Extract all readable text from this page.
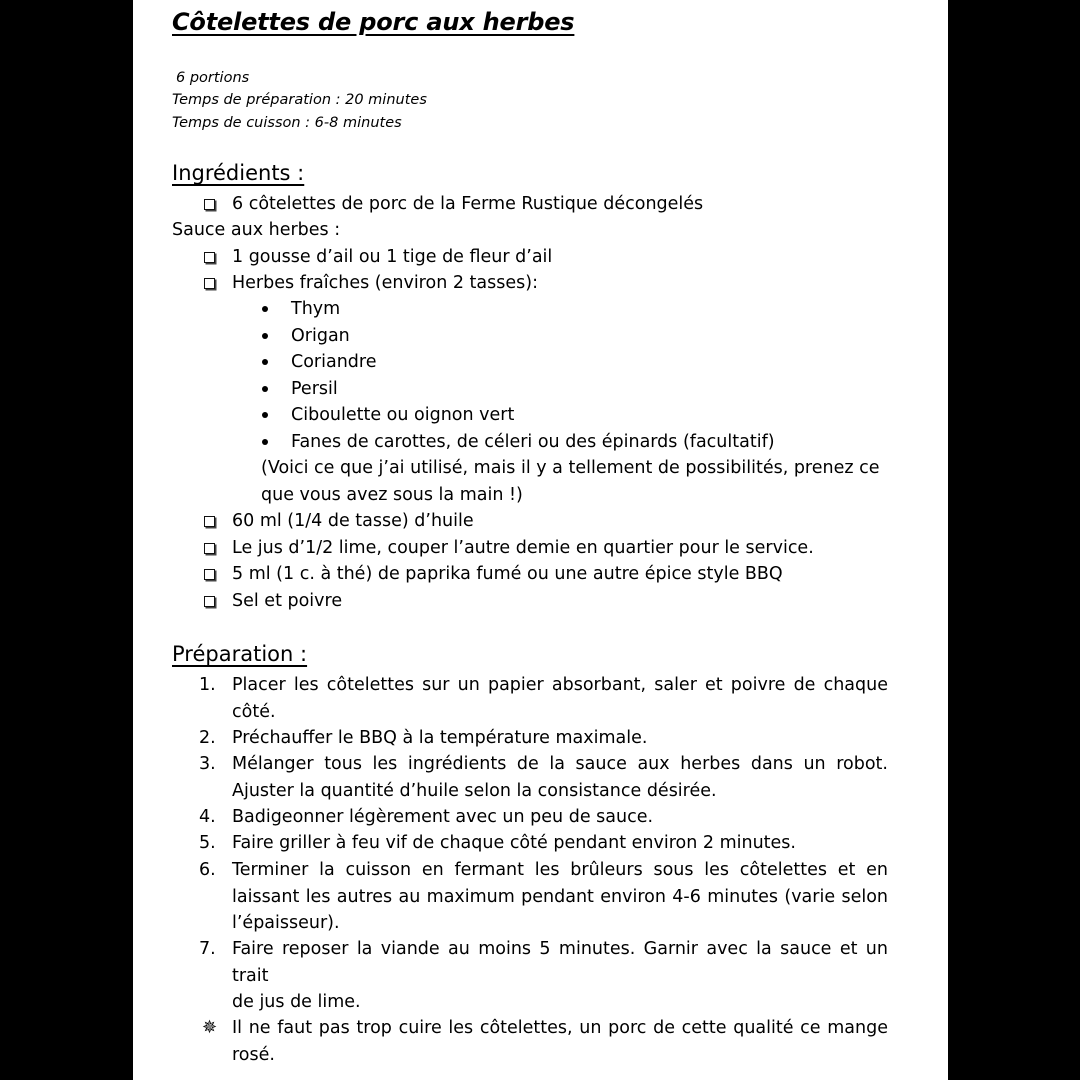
Côtelettes de porc aux herbes
6 portions
Temps de préparation : 20 minutes
Temps de cuisson : 6-8 minutes
Ingrédients :
6 côtelettes de porc de la Ferme Rustique décongelés
Sauce aux herbes :
1 gousse d’ail ou 1 tige de fleur d’ail
Herbes fraîches (environ 2 tasses):
Thym
Origan
Coriandre
Persil
Ciboulette ou oignon vert
Fanes de carottes, de céleri ou des épinards (facultatif)
(Voici ce que j’ai utilisé, mais il y a tellement de possibilités, prenez ce
que vous avez sous la main !)
60 ml (1/4 de tasse) d’huile
Le jus d’1/2 lime, couper l’autre demie en quartier pour le service.
5 ml (1 c. à thé) de paprika fumé ou une autre épice style BBQ
Sel et poivre
Préparation :
1. Placer les côtelettes sur un papier absorbant, saler et poivre de chaque
côté.
2. Préchauffer le BBQ à la température maximale.
3. Mélanger tous les ingrédients de la sauce aux herbes dans un robot.
Ajuster la quantité d’huile selon la consistance désirée.
4. Badigeonner légèrement avec un peu de sauce.
5. Faire griller à feu vif de chaque côté pendant environ 2 minutes.
6. Terminer la cuisson en fermant les brûleurs sous les côtelettes et en
laissant les autres au maximum pendant environ 4-6 minutes (varie selon
l’épaisseur).
7. Faire reposer la viande au moins 5 minutes. Garnir avec la sauce et un trait
de jus de lime.
✵ Il ne faut pas trop cuire les côtelettes, un porc de cette qualité ce mange
rosé.
